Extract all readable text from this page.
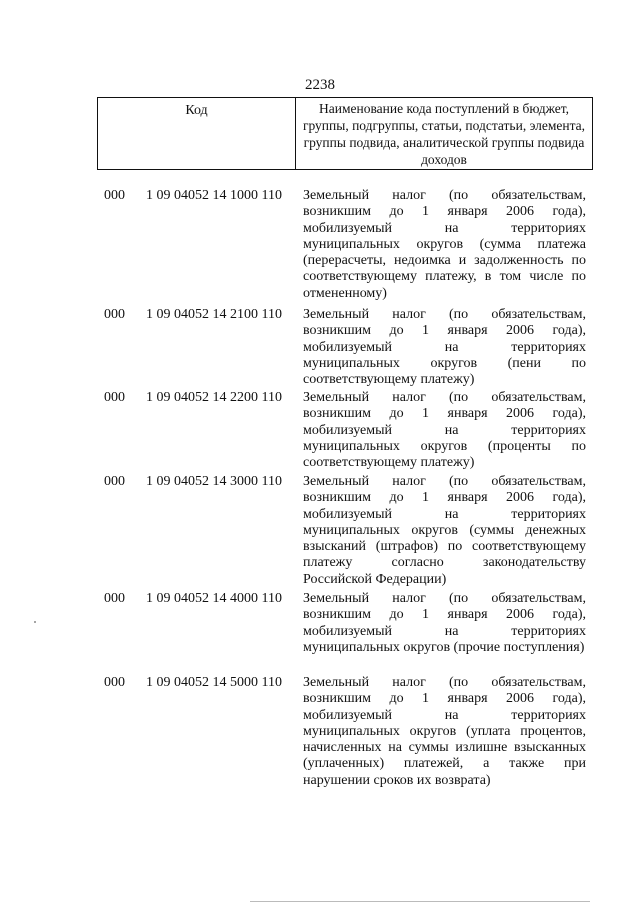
2238
Код	Наименование кода поступлений в бюджет, группы, подгруппы, статьи, подстатьи, элемента, группы подвида, аналитической группы подвида доходов
000 1 09 04052 14 1000 110 Земельный налог (по обязательствам, возникшим до 1 января 2006 года), мобилизуемый на территориях муниципальных округов (сумма платежа (перерасчеты, недоимка и задолженность по соответствующему платежу, в том числе по отмененному)
000 1 09 04052 14 2100 110 Земельный налог (по обязательствам, возникшим до 1 января 2006 года), мобилизуемый на территориях муниципальных округов (пени по соответствующему платежу)
000 1 09 04052 14 2200 110 Земельный налог (по обязательствам, возникшим до 1 января 2006 года), мобилизуемый на территориях муниципальных округов (проценты по соответствующему платежу)
000 1 09 04052 14 3000 110 Земельный налог (по обязательствам, возникшим до 1 января 2006 года), мобилизуемый на территориях муниципальных округов (суммы денежных взысканий (штрафов) по соответствующему платежу согласно законодательству Российской Федерации)
000 1 09 04052 14 4000 110 Земельный налог (по обязательствам, возникшим до 1 января 2006 года), мобилизуемый на территориях муниципальных округов (прочие поступления)
000 1 09 04052 14 5000 110 Земельный налог (по обязательствам, возникшим до 1 января 2006 года), мобилизуемый на территориях муниципальных округов (уплата процентов, начисленных на суммы излишне взысканных (уплаченных) платежей, а также при нарушении сроков их возврата)
